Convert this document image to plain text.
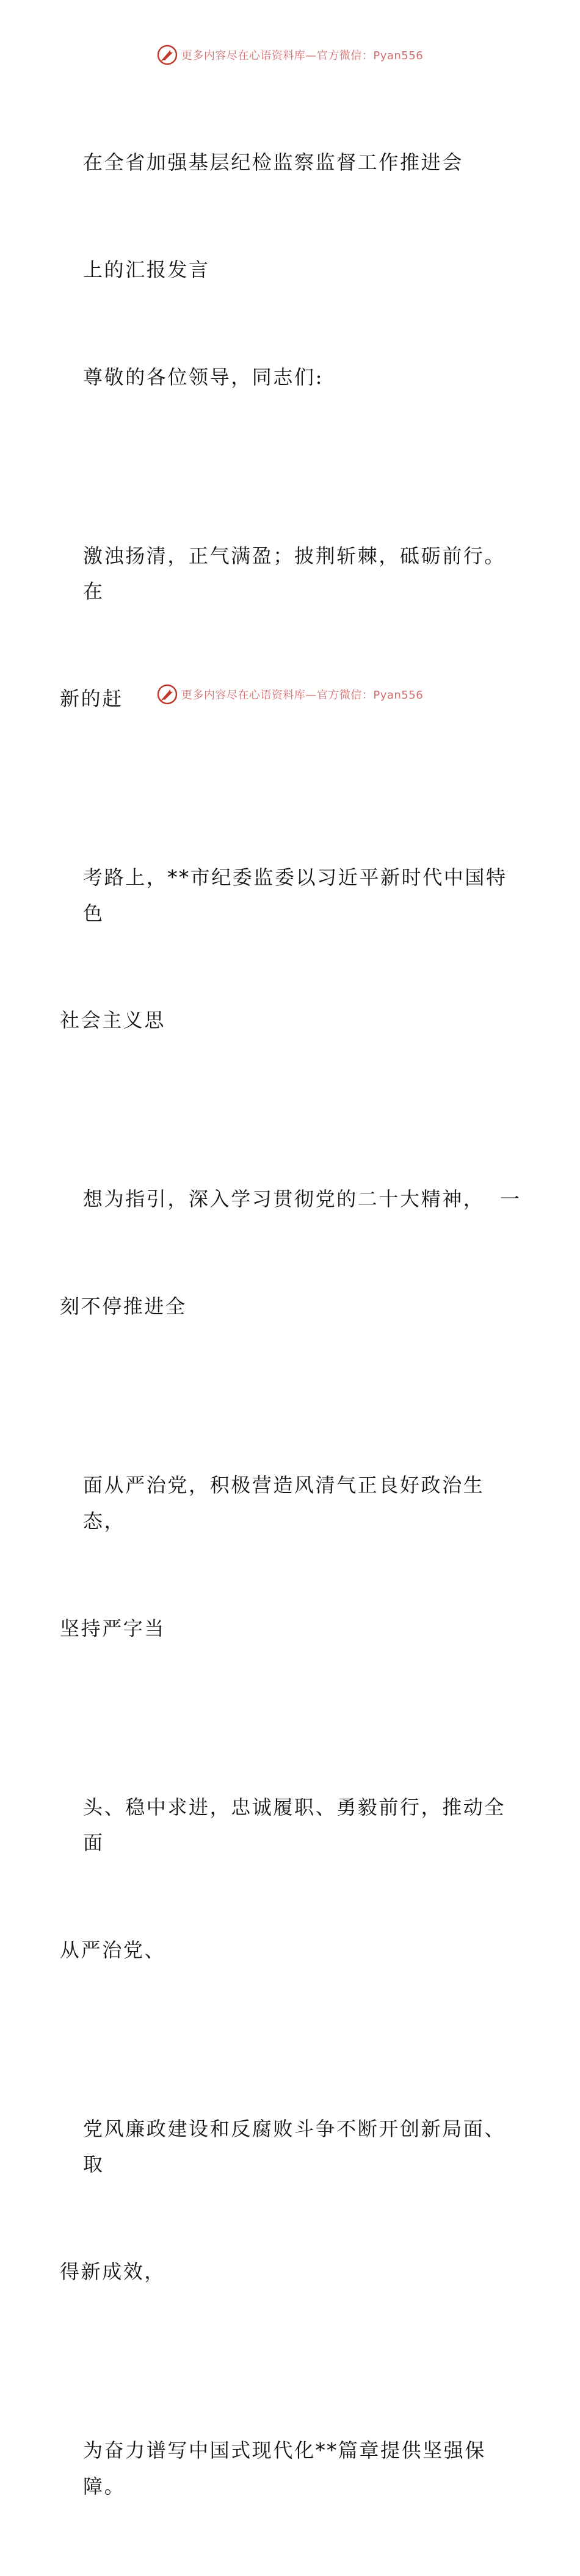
更多内容尽在心语资料库—官方微信：Pyan556

在全省加强基层纪检监察监督工作推进会

上的汇报发言

尊敬的各位领导，同志们:

激浊扬清，正气满盈；披荆斩棘，砥砺前行。在

新的赶

考路上，**市纪委监委以习近平新时代中国特色

社会主义思

想为指引，深入学习贯彻党的二十大精神，  一

刻不停推进全

面从严治党，积极营造风清气正良好政治生态，

坚持严字当

头、稳中求进，忠诚履职、勇毅前行，推动全面

从严治党、

党风廉政建设和反腐败斗争不断开创新局面、取

得新成效，

为奋力谱写中国式现代化**篇章提供坚强保障。

更多内容尽在心语资料库—官方微信：Pyan556
